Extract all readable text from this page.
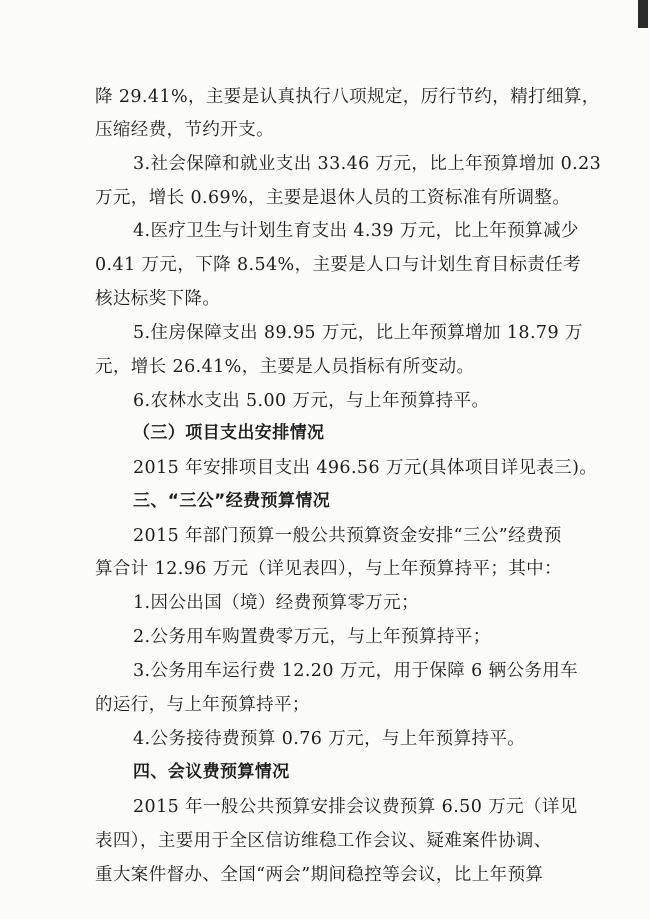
降 29.41%，主要是认真执行八项规定，厉行节约，精打细算，
压缩经费，节约开支。
3.社会保障和就业支出 33.46 万元，比上年预算增加 0.23
万元，增长 0.69%，主要是退休人员的工资标准有所调整。
4.医疗卫生与计划生育支出 4.39 万元，比上年预算减少
0.41 万元，下降 8.54%，主要是人口与计划生育目标责任考
核达标奖下降。
5.住房保障支出 89.95 万元，比上年预算增加 18.79 万
元，增长 26.41%，主要是人员指标有所变动。
6.农林水支出 5.00 万元，与上年预算持平。
（三）项目支出安排情况
2015 年安排项目支出 496.56 万元(具体项目详见表三)。
三、“三公”经费预算情况
2015 年部门预算一般公共预算资金安排“三公”经费预
算合计 12.96 万元（详见表四），与上年预算持平；其中：
1.因公出国（境）经费预算零万元；
2.公务用车购置费零万元，与上年预算持平；
3.公务用车运行费 12.20 万元，用于保障 6 辆公务用车
的运行，与上年预算持平；
4.公务接待费预算 0.76 万元，与上年预算持平。
四、会议费预算情况
2015 年一般公共预算安排会议费预算 6.50 万元（详见
表四），主要用于全区信访维稳工作会议、疑难案件协调、
重大案件督办、全国“两会”期间稳控等会议，比上年预算
